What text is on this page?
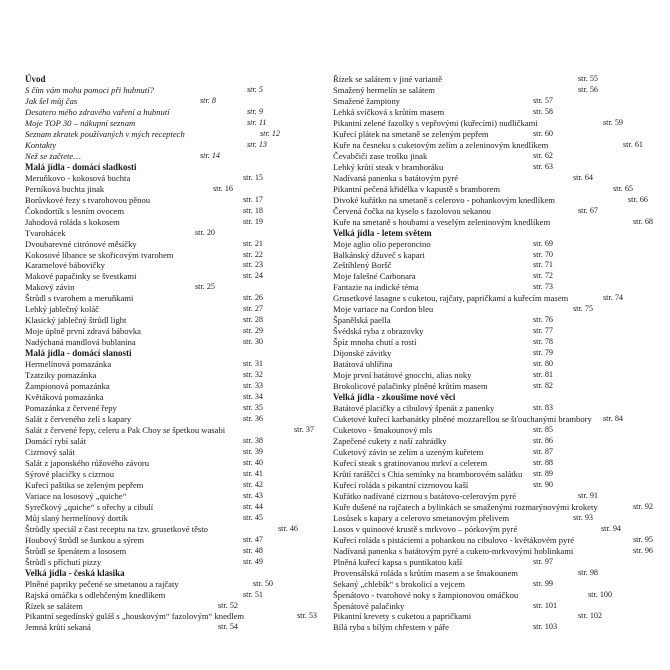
Úvod
S čím vám mohu pomoci při hubnutí?	str. 5
Jak šel můj čas	str. 8
Desatero mého zdravého vaření a hubnutí	str. 9
Moje TOP 30 – nákupní seznam	str. 11
Seznam zkratek používaných v mých receptech	str. 12
Kontakty	str. 13
Než se začtete…	str. 14
Malá jídla - domácí sladkosti
Meruňkovo - kokosová buchta	str. 15
Perníková buchta jinak	str. 16
Borůvkové řezy s tvarohovou pěnou	str. 17
Čokodortík s lesním ovocem	str. 18
Jahodová roláda s kokosem	str. 19
Tvarohácek	str. 20
Dvoubarevné citrónové měsíčky	str. 21
Kokosové líbance se skořicovým tvarohem	str. 22
Karamelové bábovičky	str. 23
Makové papačinky se švestkami	str. 24
Makový závin	str. 25
Štrůdl s tvarohem a meruňkami	str. 26
Lehký jablečný koláč	str. 27
Klasický jablečný štrůdl light	str. 28
Moje úplně první zdravá bábovka	str. 29
Nadýchaná mandlová bublanina	str. 30
Malá jídla - domácí slanosti
Hermelínová pomazánka	str. 31
Tzatziky pomazánka	str. 32
Žampionová pomazánka	str. 33
Květáková pomazánka	str. 34
Pomazánka z červené řepy	str. 35
Salát z červeného zelí s kapary	str. 36
Salát z červené řepy, celeru a Pak Choy se špetkou wasabi	str. 37
Domácí rybí salát	str. 38
Cizrnový salát	str. 39
Salát z japonského růžového závoru	str. 40
Sýrové placičky s cizrnou	str. 41
Kuřecí paštika se zeleným pepřem	str. 42
Variace na lososový „quiche“	str. 43
Syrečkový „quiche“ s ořechy a cibulí	str. 44
Můj slaný hermelínový dortík	str. 45
Štrůdly speciál z čast receptu na tzv. grusetkové těsto	str. 46
Houbový štrůdl se šunkou a sýrem	str. 47
Štrůdl se špenátem a lososem	str. 48
Štrůdl s příchutí pizzy	str. 49
Velká jídla - česká klasika
Plněné papriky pečené se smetanou a rajčaty	str. 50
Rajská omáčka s odlehčeným knedlíkem	str. 51
Řízek se salátem	str. 52
Pikantní segedínský guláš s „houskovým“ fazolovým“ knedlem	str. 53
Jemná krůtí sekaná	str. 54
Řízek se salátem v jiné variantě	str. 55
Smažený hermelín se salátem	str. 56
Smažené žampiony	str. 57
Lehká svíčková s krůtím masem	str. 58
Pikantní zelené fazolky s vepřovými (kuřecími) nudličkami	str. 59
Kuřecí plátek na smetaně se zeleným pepřem	str. 60
Kuře na česneku s cuketovým zelím a zeleninovým knedlíkem	str. 61
Čevabčiči zase trošku jinak	str. 62
Lehký krůtí steak v bramboráku	str. 63
Nadívaná panenka s batátovým pyré	str. 64
Pikantní pečená křidélka v kapustě s bramborem	str. 65
Divoké kuřátko na smetaně s celerovo - pohankovým knedlíkem	str. 66
Červená čočka na kyselo s fazolovou sekanou	str. 67
Kuře na smetaně s houbami a veselým zeleninovým knedlíkem	str. 68
Velká jídla - letem světem
Moje aglio olio peperoncino	str. 69
Balkánský džuveč s kapari	str. 70
Zeštíhlený Boršč	str. 71
Moje falešné Carbonara	str. 72
Fantazie na indické téma	str. 73
Grusetkové lasagne s cuketou, rajčaty, papričkami a kuřecím masem	str. 74
Moje variace na Cordon bleu	str. 75
Španělská paella	str. 76
Švédská ryba z obrazovky	str. 77
Špíz mnoha chutí a rostí	str. 78
Dijonské závitky	str. 79
Batátová uhlířina	str. 80
Moje první batátové gnocchi, alias noky	str. 81
Brokolicové palačinky plněné krůtím masem	str. 82
Velká jídla - zkoušíme nové věci
Batátové placičky a cibulový špenát z panenky	str. 83
Cuketové kuřecí karbanátky plněné mozzarellou se šťouchanými brambory str. 84
Cuketovo - šmakounový mls	str. 85
Zapečené cukety z naší zahrádky	str. 86
Cuketový závin se zelím a uzeným kuřetem	str. 87
Kuřecí steak s gratinovanou mrkví a celerem	str. 88
Krůtí raráščci s Chia semínky na bramborovém salátku str. 89
Kuřecí roláda s pikantní cizrnovou kaší	str. 90
Kuřátko nadívané cizrnou s batátovo-celerovým pyré	str. 91
Kuře dušené na rajčatech a bylinkách se smaženými rozmarýnovými krokety	str. 92
Losůsek s kapary a celerovo smetanovým přelivem	str. 93
Losos v quinoové krustě s mrkvovo – pórkovým pyré	str. 94
Kuřecí roláda s pistáciemi a pohankou na cibulovo - květákovém pyré	str. 95
Nadívaná panenka s batátovým pyré a cuketo-mrkvovými hoblinkami	str. 96
Plněná kuřecí kapsa s puntikatou kaší	str. 97
Provensálská roláda s krůtím masem a se šmakounem	str. 98
Sekaný „chlebík“ s brokolicí a vejcem	str. 99
Špenátovo - tvarohové noky s žampionovou omáčkou	str. 100
Špenátové palačinky	str. 101
Pikantní krevety s cuketou a papričkami	str. 102
Bílá ryba s bílým chřestem v páře	str. 103
